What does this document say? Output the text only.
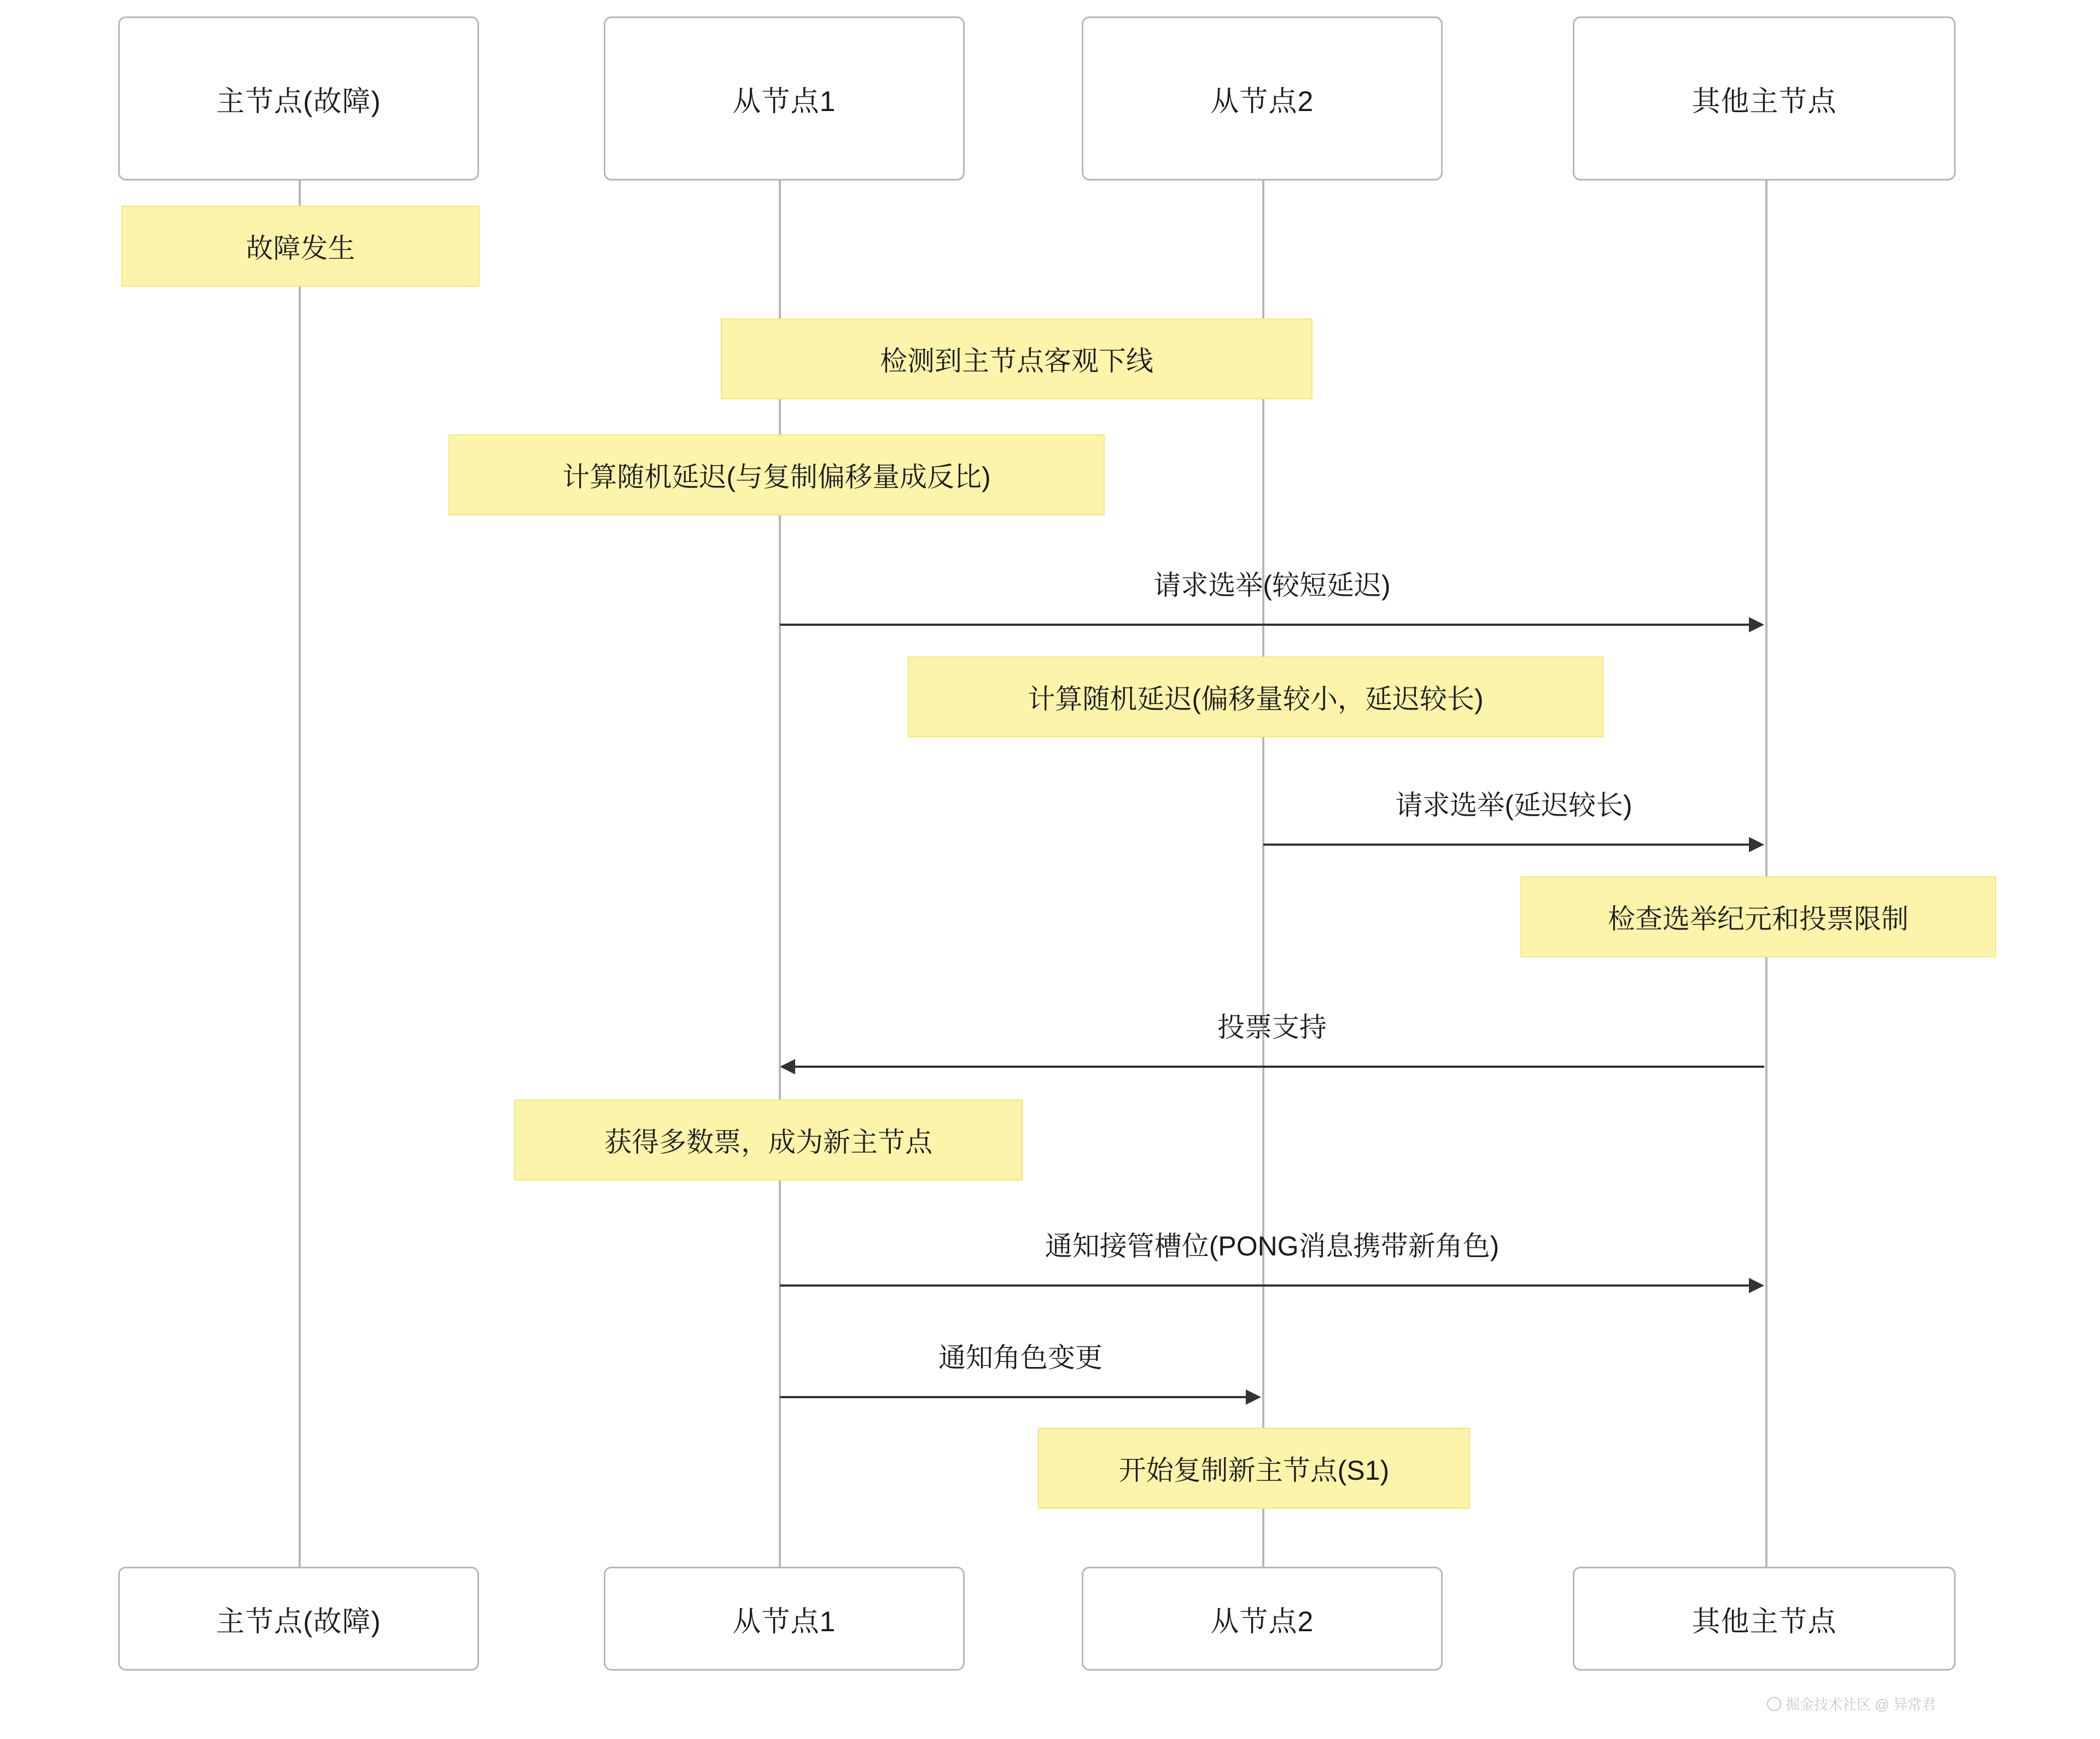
主节点(故障)	从节点1	从节点2	其他主节点
故障发生
检测到主节点客观下线
计算随机延迟(与复制偏移量成反比)
请求选举(较短延迟)
计算随机延迟(偏移量较小，延迟较长)
请求选举(延迟较长)
检查选举纪元和投票限制
投票支持
获得多数票，成为新主节点
通知接管槽位(PONG消息携带新角色)
通知角色变更
开始复制新主节点(S1)
主节点(故障)	从节点1	从节点2	其他主节点
掘金技术社区 @ 异常君
